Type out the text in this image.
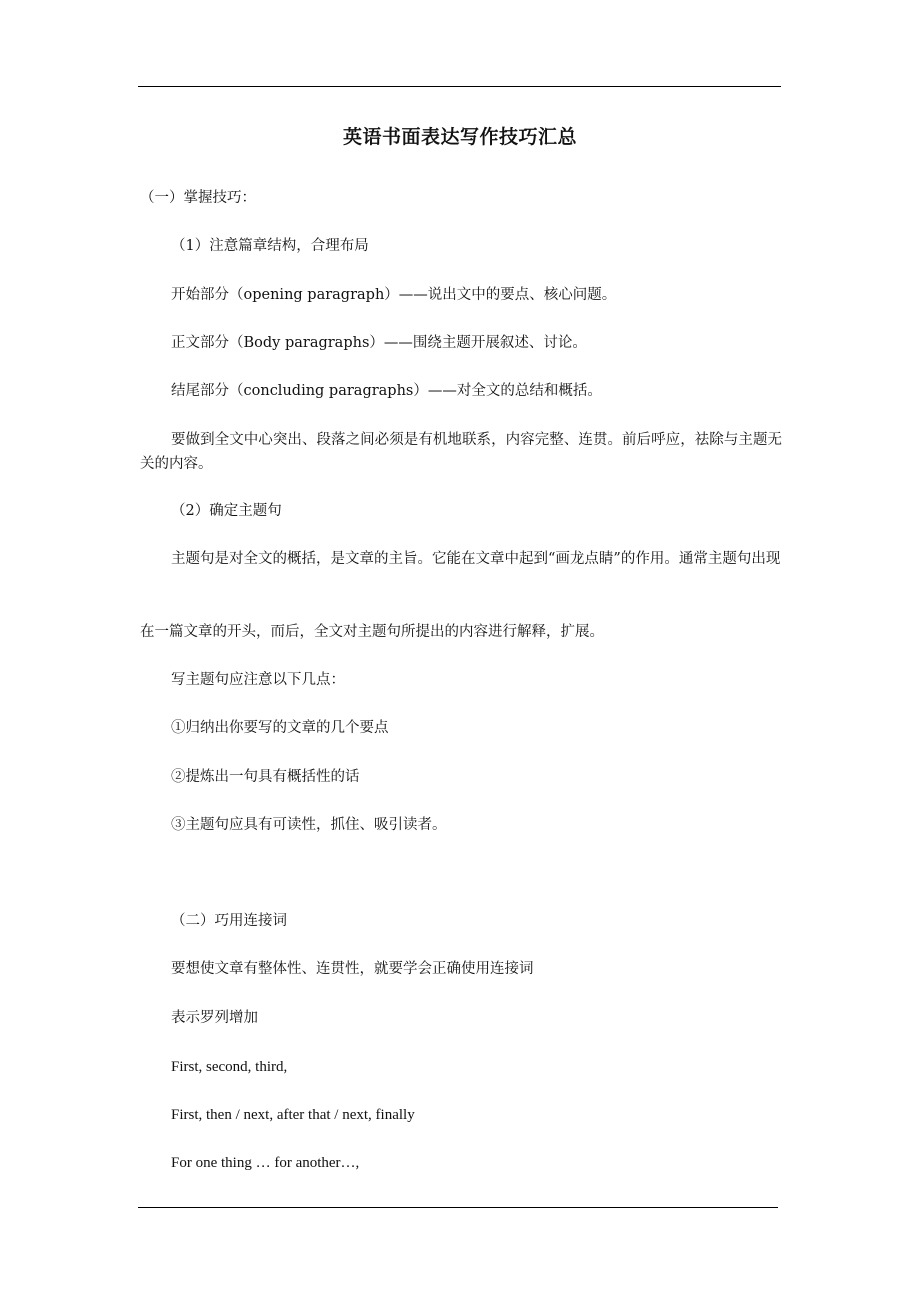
英语书面表达写作技巧汇总
（一）掌握技巧：
（1）注意篇章结构，合理布局
开始部分（opening paragraph）——说出文中的要点、核心问题。
正文部分（Body paragraphs）——围绕主题开展叙述、讨论。
结尾部分（concluding paragraphs）——对全文的总结和概括。
要做到全文中心突出、段落之间必须是有机地联系，内容完整、连贯。前后呼应，祛除与主题无关的内容。
（2）确定主题句
主题句是对全文的概括，是文章的主旨。它能在文章中起到“画龙点睛”的作用。通常主题句出现
在一篇文章的开头，而后，全文对主题句所提出的内容进行解释，扩展。
写主题句应注意以下几点：
①归纳出你要写的文章的几个要点
②提炼出一句具有概括性的话
③主题句应具有可读性，抓住、吸引读者。
（二）巧用连接词
要想使文章有整体性、连贯性，就要学会正确使用连接词
表示罗列增加
First, second, third,
First, then / next, after that / next, finally
For one thing … for another…,
